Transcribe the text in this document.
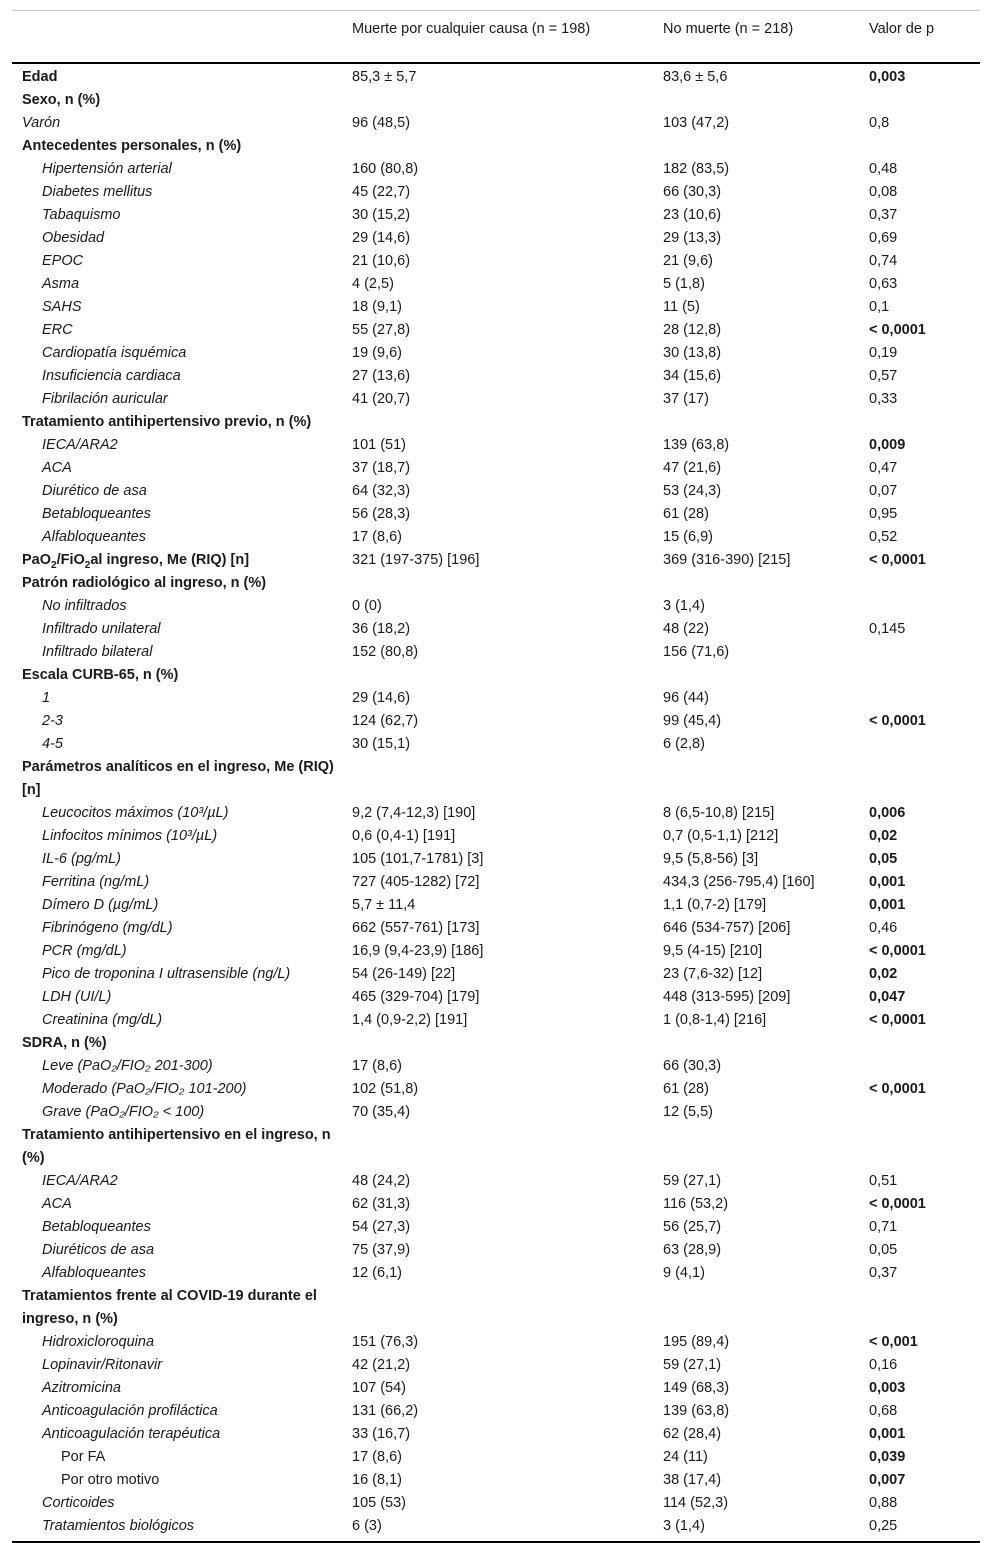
	Muerte por cualquier causa (n = 198)	No muerte (n = 218)	Valor de p
Edad	85,3 ± 5,7	83,6 ± 5,6	0,003
Sexo, n (%)			
Varón	96 (48,5)	103 (47,2)	0,8
Antecedentes personales, n (%)			
Hipertensión arterial	160 (80,8)	182 (83,5)	0,48
Diabetes mellitus	45 (22,7)	66 (30,3)	0,08
Tabaquismo	30 (15,2)	23 (10,6)	0,37
Obesidad	29 (14,6)	29 (13,3)	0,69
EPOC	21 (10,6)	21 (9,6)	0,74
Asma	4 (2,5)	5 (1,8)	0,63
SAHS	18 (9,1)	11 (5)	0,1
ERC	55 (27,8)	28 (12,8)	< 0,0001
Cardiopatía isquémica	19 (9,6)	30 (13,8)	0,19
Insuficiencia cardiaca	27 (13,6)	34 (15,6)	0,57
Fibrilación auricular	41 (20,7)	37 (17)	0,33
Tratamiento antihipertensivo previo, n (%)			
IECA/ARA2	101 (51)	139 (63,8)	0,009
ACA	37 (18,7)	47 (21,6)	0,47
Diurético de asa	64 (32,3)	53 (24,3)	0,07
Betabloqueantes	56 (28,3)	61 (28)	0,95
Alfabloqueantes	17 (8,6)	15 (6,9)	0,52
PaO$_2$/FiO$_2$al ingreso, Me (RIQ) [n]	321 (197-375) [196]	369 (316-390) [215]	< 0,0001
Patrón radiológico al ingreso, n (%)			
No infiltrados	0 (0)	3 (1,4)	
Infiltrado unilateral	36 (18,2)	48 (22)	0,145
Infiltrado bilateral	152 (80,8)	156 (71,6)	
Escala CURB-65, n (%)			
1	29 (14,6)	96 (44)	
2-3	124 (62,7)	99 (45,4)	< 0,0001
4-5	30 (15,1)	6 (2,8)	
Parámetros analíticos en el ingreso, Me (RIQ) [n]			
Leucocitos máximos (10³/µL)	9,2 (7,4-12,3) [190]	8 (6,5-10,8) [215]	0,006
Linfocitos mínimos (10³/µL)	0,6 (0,4-1) [191]	0,7 (0,5-1,1) [212]	0,02
IL-6 (pg/mL)	105 (101,7-1781) [3]	9,5 (5,8-56) [3]	0,05
Ferritina (ng/mL)	727 (405-1282) [72]	434,3 (256-795,4) [160]	0,001
Dímero D (µg/mL)	5,7 ± 11,4	1,1 (0,7-2) [179]	0,001
Fibrinógeno (mg/dL)	662 (557-761) [173]	646 (534-757) [206]	0,46
PCR (mg/dL)	16,9 (9,4-23,9) [186]	9,5 (4-15) [210]	< 0,0001
Pico de troponina I ultrasensible (ng/L)	54 (26-149) [22]	23 (7,6-32) [12]	0,02
LDH (UI/L)	465 (329-704) [179]	448 (313-595) [209]	0,047
Creatinina (mg/dL)	1,4 (0,9-2,2) [191]	1 (0,8-1,4) [216]	< 0,0001
SDRA, n (%)			
Leve (PaO₂/FIO₂ 201-300)	17 (8,6)	66 (30,3)	
Moderado (PaO₂/FIO₂ 101-200)	102 (51,8)	61 (28)	< 0,0001
Grave (PaO₂/FIO₂ < 100)	70 (35,4)	12 (5,5)	
Tratamiento antihipertensivo en el ingreso, n (%)			
IECA/ARA2	48 (24,2)	59 (27,1)	0,51
ACA	62 (31,3)	116 (53,2)	< 0,0001
Betabloqueantes	54 (27,3)	56 (25,7)	0,71
Diuréticos de asa	75 (37,9)	63 (28,9)	0,05
Alfabloqueantes	12 (6,1)	9 (4,1)	0,37
Tratamientos frente al COVID-19 durante el ingreso, n (%)			
Hidroxicloroquina	151 (76,3)	195 (89,4)	< 0,001
Lopinavir/Ritonavir	42 (21,2)	59 (27,1)	0,16
Azitromicina	107 (54)	149 (68,3)	0,003
Anticoagulación profiláctica	131 (66,2)	139 (63,8)	0,68
Anticoagulación terapéutica	33 (16,7)	62 (28,4)	0,001
Por FA	17 (8,6)	24 (11)	0,039
Por otro motivo	16 (8,1)	38 (17,4)	0,007
Corticoides	105 (53)	114 (52,3)	0,88
Tratamientos biológicos	6 (3)	3 (1,4)	0,25
